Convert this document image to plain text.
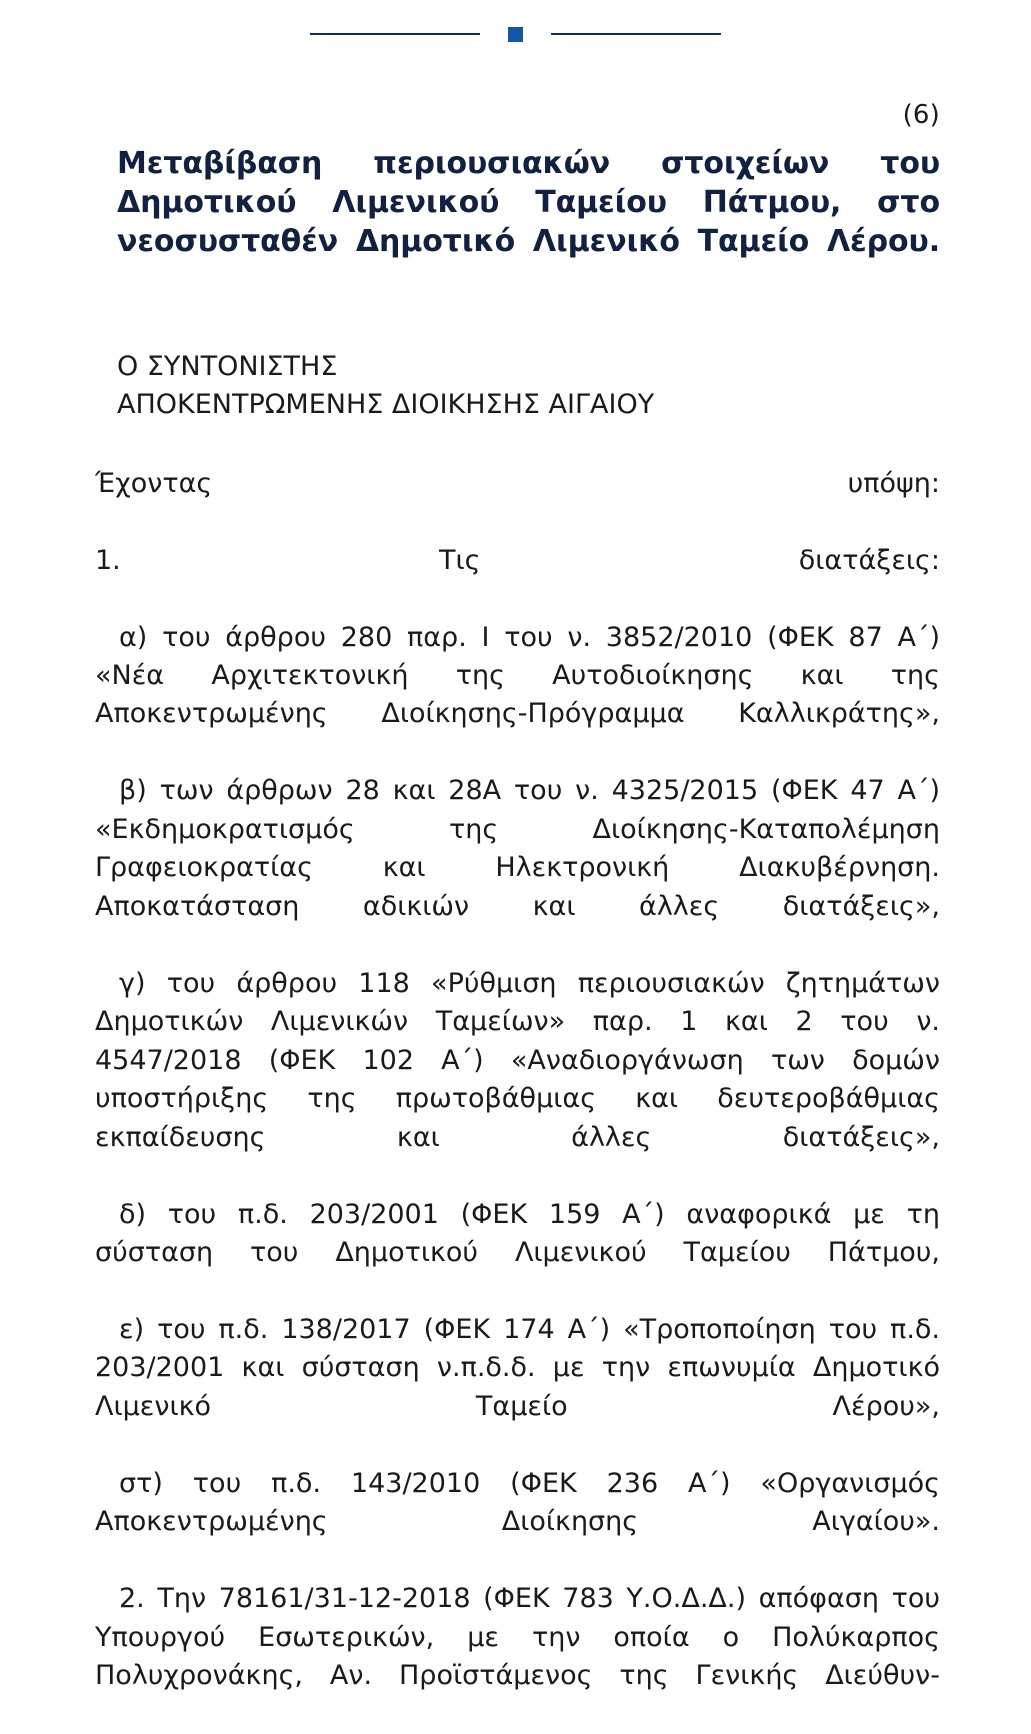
(6)
Μεταβίβαση περιουσιακών στοιχείων του Δημοτικού Λιμενικού Ταμείου Πάτμου, στο νεοσυσταθέν Δημοτικό Λιμενικό Ταμείο Λέρου.
Ο ΣΥΝΤΟΝΙΣΤΗΣ
ΑΠΟΚΕΝΤΡΩΜΕΝΗΣ ΔΙΟΙΚΗΣΗΣ ΑΙΓΑΙΟΥ

Έχοντας υπόψη:

1. Τις διατάξεις:

α) του άρθρου 280 παρ. I του ν. 3852/2010 (ΦΕΚ 87 Α΄) «Νέα Αρχιτεκτονική της Αυτοδιοίκησης και της Αποκεντρωμένης Διοίκησης-Πρόγραμμα Καλλικράτης»,

β) των άρθρων 28 και 28Α του ν. 4325/2015 (ΦΕΚ 47 Α΄) «Εκδημοκρατισμός της Διοίκησης-Καταπολέμηση Γραφειοκρατίας και Ηλεκτρονική Διακυβέρνηση. Αποκατάσταση αδικιών και άλλες διατάξεις»,

γ) του άρθρου 118 «Ρύθμιση περιουσιακών ζητημάτων Δημοτικών Λιμενικών Ταμείων» παρ. 1 και 2 του ν. 4547/2018 (ΦΕΚ 102 Α΄) «Αναδιοργάνωση των δομών υποστήριξης της πρωτοβάθμιας και δευτεροβάθμιας εκπαίδευσης και άλλες διατάξεις»,

δ) του π.δ. 203/2001 (ΦΕΚ 159 Α΄) αναφορικά με τη σύσταση του Δημοτικού Λιμενικού Ταμείου Πάτμου,

ε) του π.δ. 138/2017 (ΦΕΚ 174 Α΄) «Τροποποίηση του π.δ. 203/2001 και σύσταση ν.π.δ.δ. με την επωνυμία Δημοτικό Λιμενικό Ταμείο Λέρου»,

στ) του π.δ. 143/2010 (ΦΕΚ 236 Α΄) «Οργανισμός Αποκεντρωμένης Διοίκησης Αιγαίου».

2. Την 78161/31-12-2018 (ΦΕΚ 783 Υ.Ο.Δ.Δ.) απόφαση του Υπουργού Εσωτερικών, με την οποία ο Πολύκαρπος Πολυχρονάκης, Αν. Προϊστάμενος της Γενικής Διεύθυν-
